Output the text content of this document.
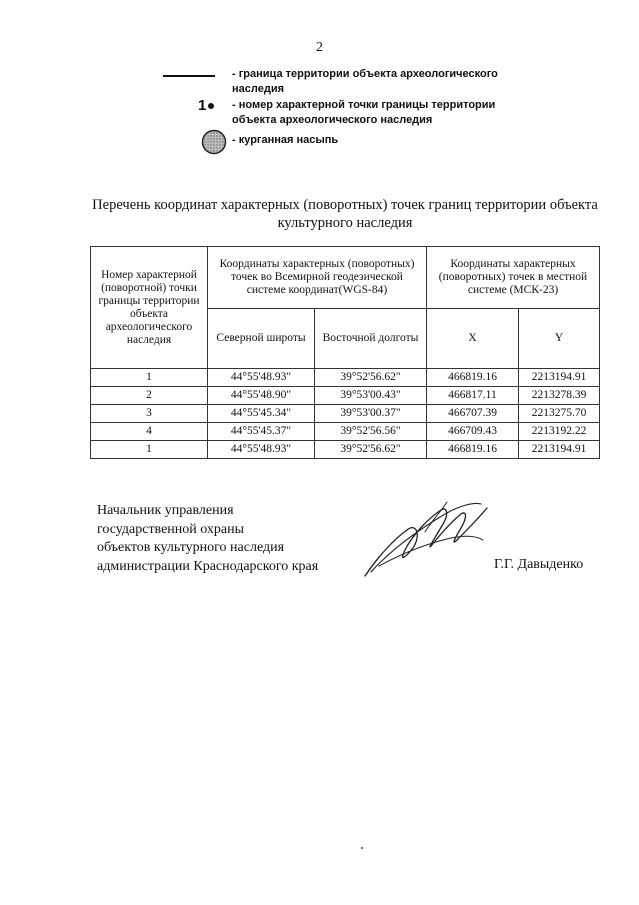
2
- граница территории объекта археологического наследия
1	- номер характерной точки границы территории объекта археологического наследия
- курганная насыпь
Перечень координат характерных (поворотных) точек границ территории объекта культурного наследия
Номер характерной (поворотной) точки границы территории объекта археологического наследия	Координаты характерных (поворотных) точек во Всемирной геодезической системе координат(WGS-84)		Координаты характерных (поворотных) точек в местной системе (МСК-23)	
	Северной широты	Восточной долготы	X	Y
1	44°55'48.93"	39°52'56.62"	466819.16	2213194.91
2	44°55'48.90"	39°53'00.43"	466817.11	2213278.39
3	44°55'45.34"	39°53'00.37"	466707.39	2213275.70
4	44°55'45.37"	39°52'56.56"	466709.43	2213192.22
1	44°55'48.93"	39°52'56.62"	466819.16	2213194.91
Начальник управления
государственной охраны
объектов культурного наследия
администрации Краснодарского края	Г.Г. Давыденко
